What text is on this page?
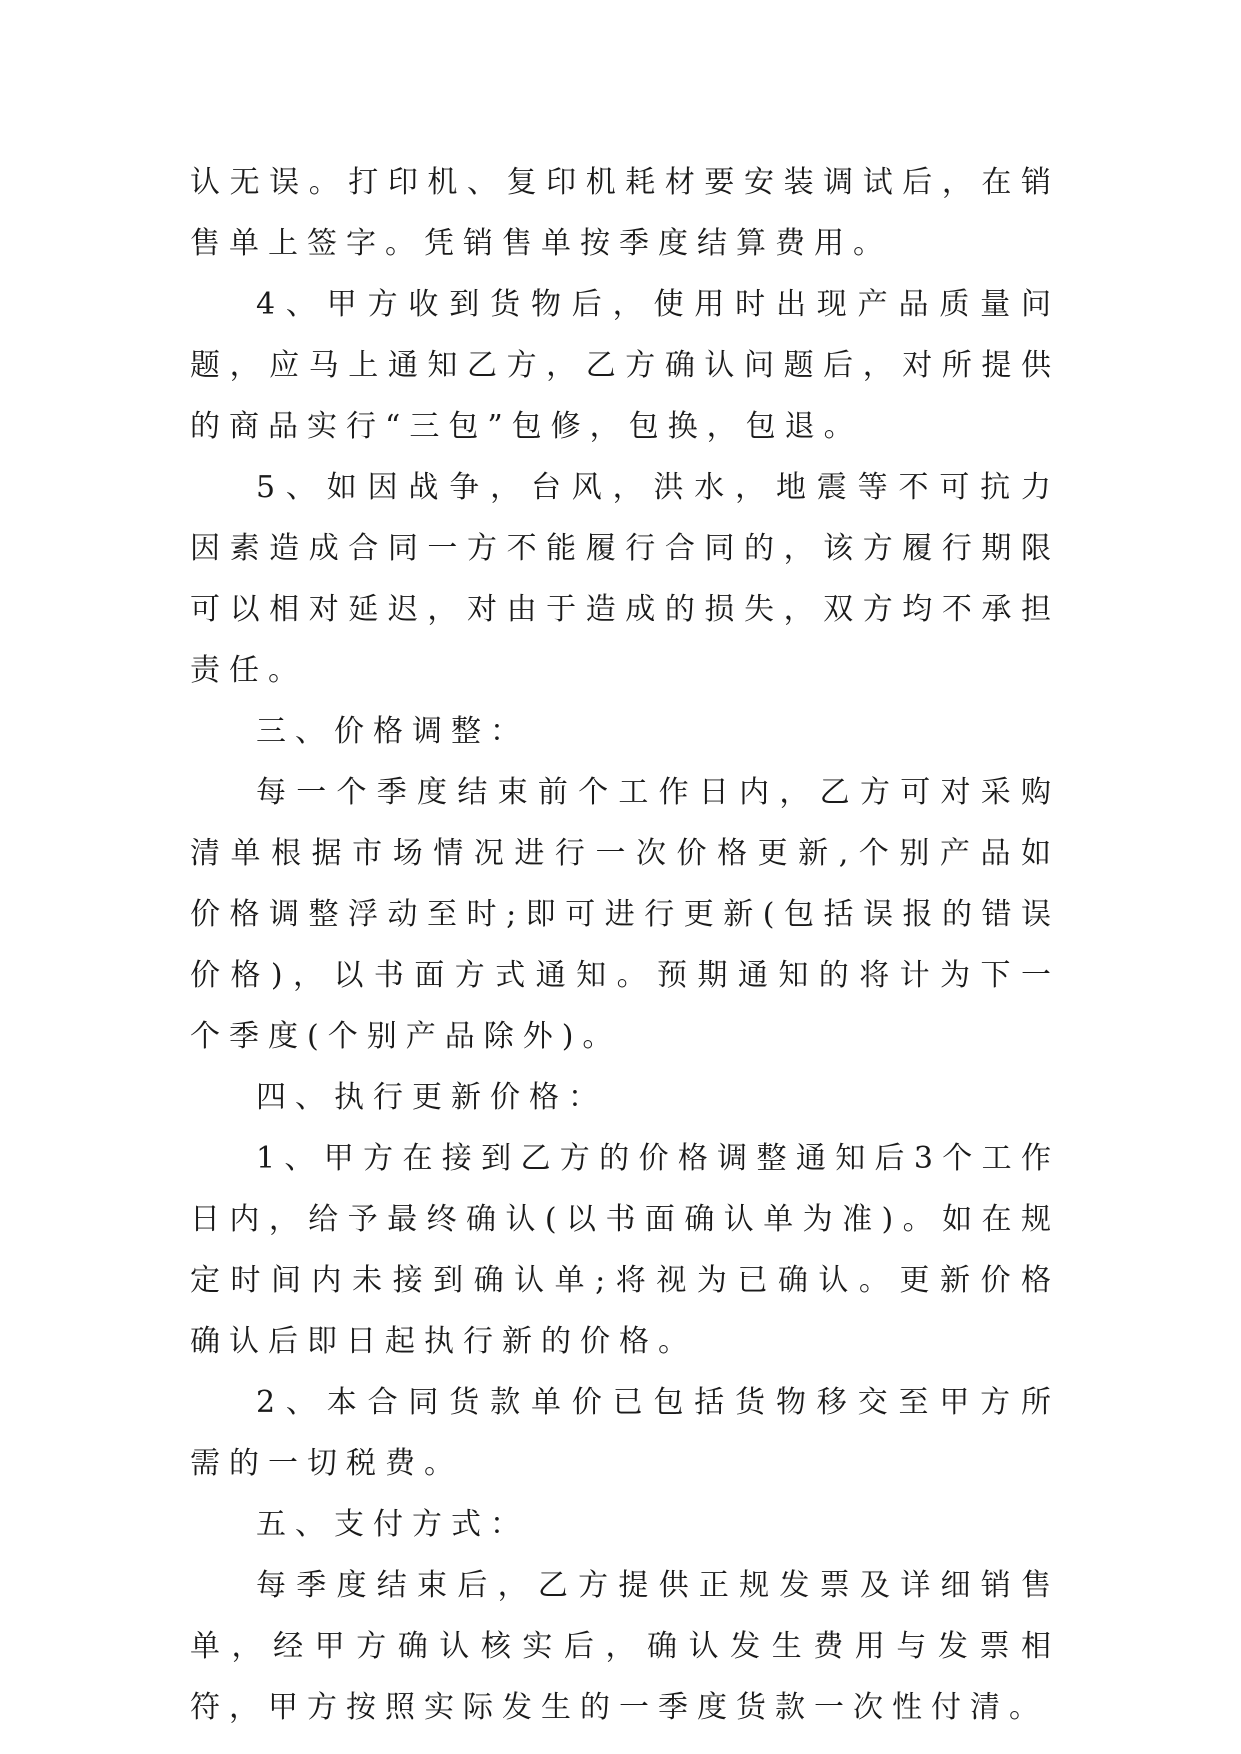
认无误。打印机、复印机耗材要安装调试后，在销售单上签字。凭销售单按季度结算费用。

4、甲方收到货物后，使用时出现产品质量问题，应马上通知乙方，乙方确认问题后，对所提供的商品实行“三包”包修，包换，包退。

5、如因战争，台风，洪水，地震等不可抗力因素造成合同一方不能履行合同的，该方履行期限可以相对延迟，对由于造成的损失，双方均不承担责任。

三、价格调整：

每一个季度结束前个工作日内，乙方可对采购清单根据市场情况进行一次价格更新,个别产品如价格调整浮动至时;即可进行更新(包括误报的错误价格)，以书面方式通知。预期通知的将计为下一个季度(个别产品除外)。

四、执行更新价格：

1、甲方在接到乙方的价格调整通知后3个工作日内，给予最终确认(以书面确认单为准)。如在规定时间内未接到确认单;将视为已确认。更新价格确认后即日起执行新的价格。

2、本合同货款单价已包括货物移交至甲方所需的一切税费。

五、支付方式：

每季度结束后，乙方提供正规发票及详细销售单，经甲方确认核实后，确认发生费用与发票相符，甲方按照实际发生的一季度货款一次性付清。
